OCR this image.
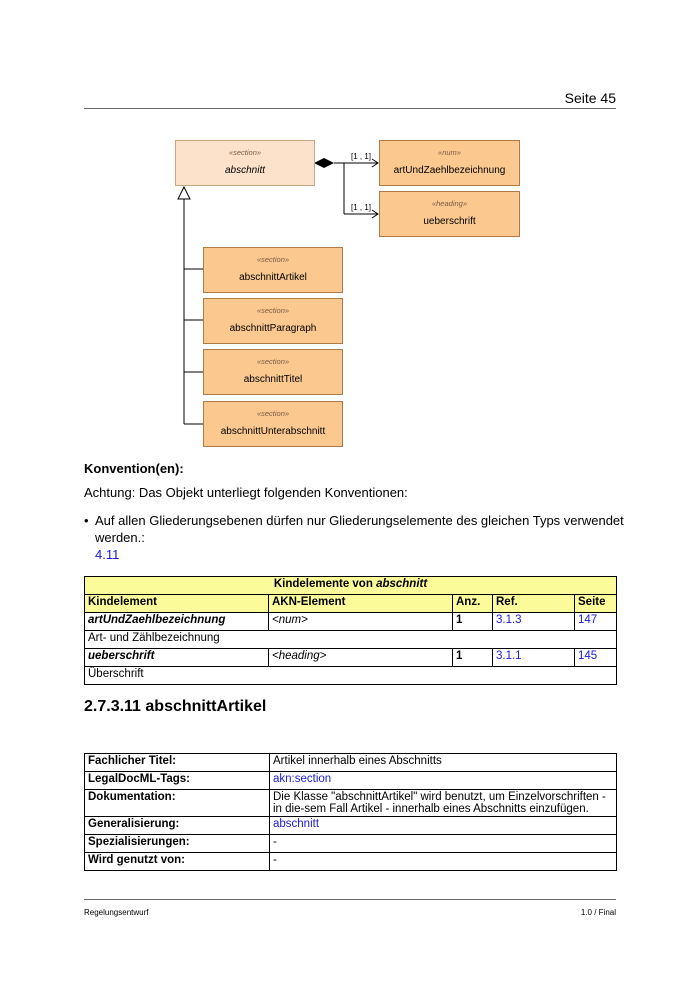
Seite 45
«section»
abschnitt
«num»
artUndZaehlbezeichnung
«heading»
ueberschrift
[1 , 1]
[1 , 1]
«section»
abschnittArtikel
«section»
abschnittParagraph
«section»
abschnittTitel
«section»
abschnittUnterabschnitt
Konvention(en):
Achtung: Das Objekt unterliegt folgenden Konventionen:
• Auf allen Gliederungsebenen dürfen nur Gliederungselemente des gleichen Typs verwendet werden.:
4.11
Kindelemente von abschnitt				
Kindelement	AKN-Element	Anz.	Ref.	Seite
artUndZaehlbezeichnung	<num>	1	3.1.3	147
Art- und Zählbezeichnung				
ueberschrift	<heading>	1	3.1.1	145
Überschrift				
2.7.3.11 abschnittArtikel
Fachlicher Titel:	Artikel innerhalb eines Abschnitts
LegalDocML-Tags:	akn:section
Dokumentation:	Die Klasse "abschnittArtikel" wird benutzt, um Einzelvorschriften - in die-sem Fall Artikel - innerhalb eines Abschnitts einzufügen.
Generalisierung:	abschnitt
Spezialisierungen:	-
Wird genutzt von:	-
Regelungsentwurf	1.0 / Final
